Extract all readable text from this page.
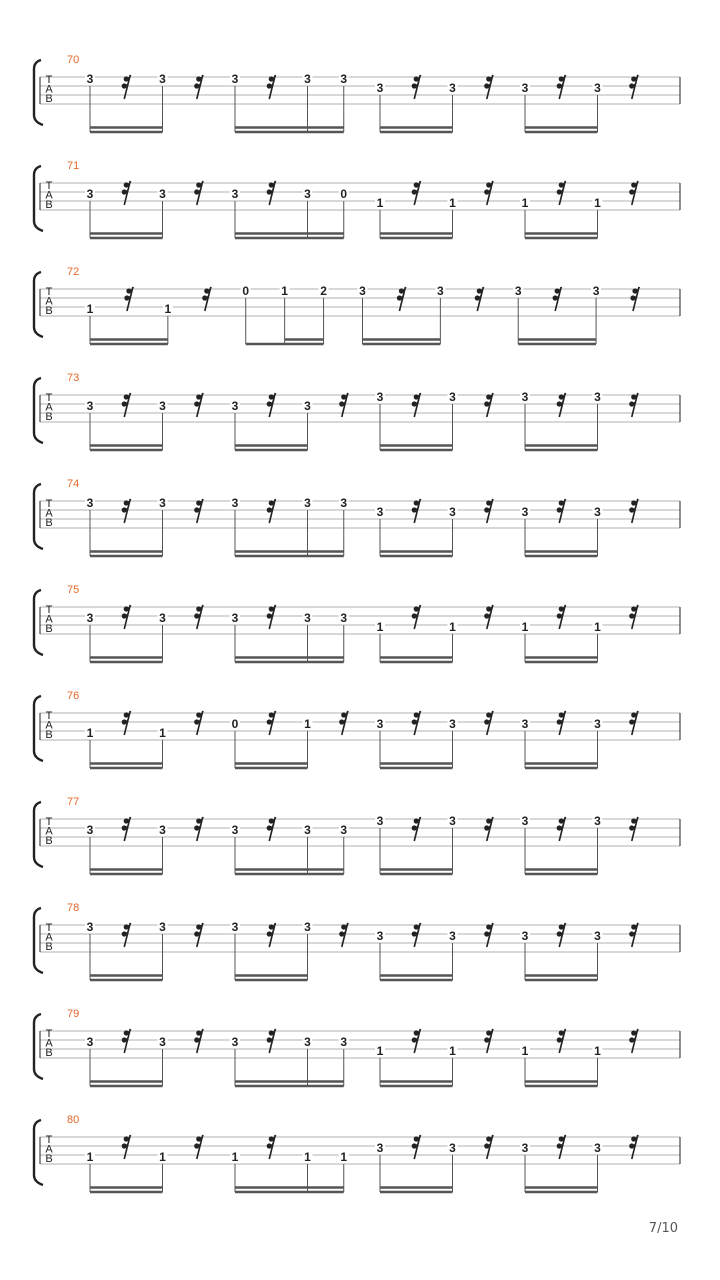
T
A
B
70
3	3	3	3 3
3	3	3	3
T
A
B
71
3	3	3	3 0
1	1	1	1
T
A
B
72
1	1
0	1	2	3	3	3	3
T
A
B
73
3	3	3	3
3	3	3	3
T
A
B
74
3	3	3	3 3
3	3	3	3
T
A
B
75
3	3	3	3 3
1	1	1	1
T
A
B
76
1	1
0	1	3	3	3	3
T
A
B
77
3	3	3	3 3
3	3	3	3
T
A
B
78
3	3	3	3
3	3	3	3
T
A
B
79
3	3	3	3 3
1	1	1	1
T
A
B
80
1	1	1	1 1
3	3	3	3
7/10
